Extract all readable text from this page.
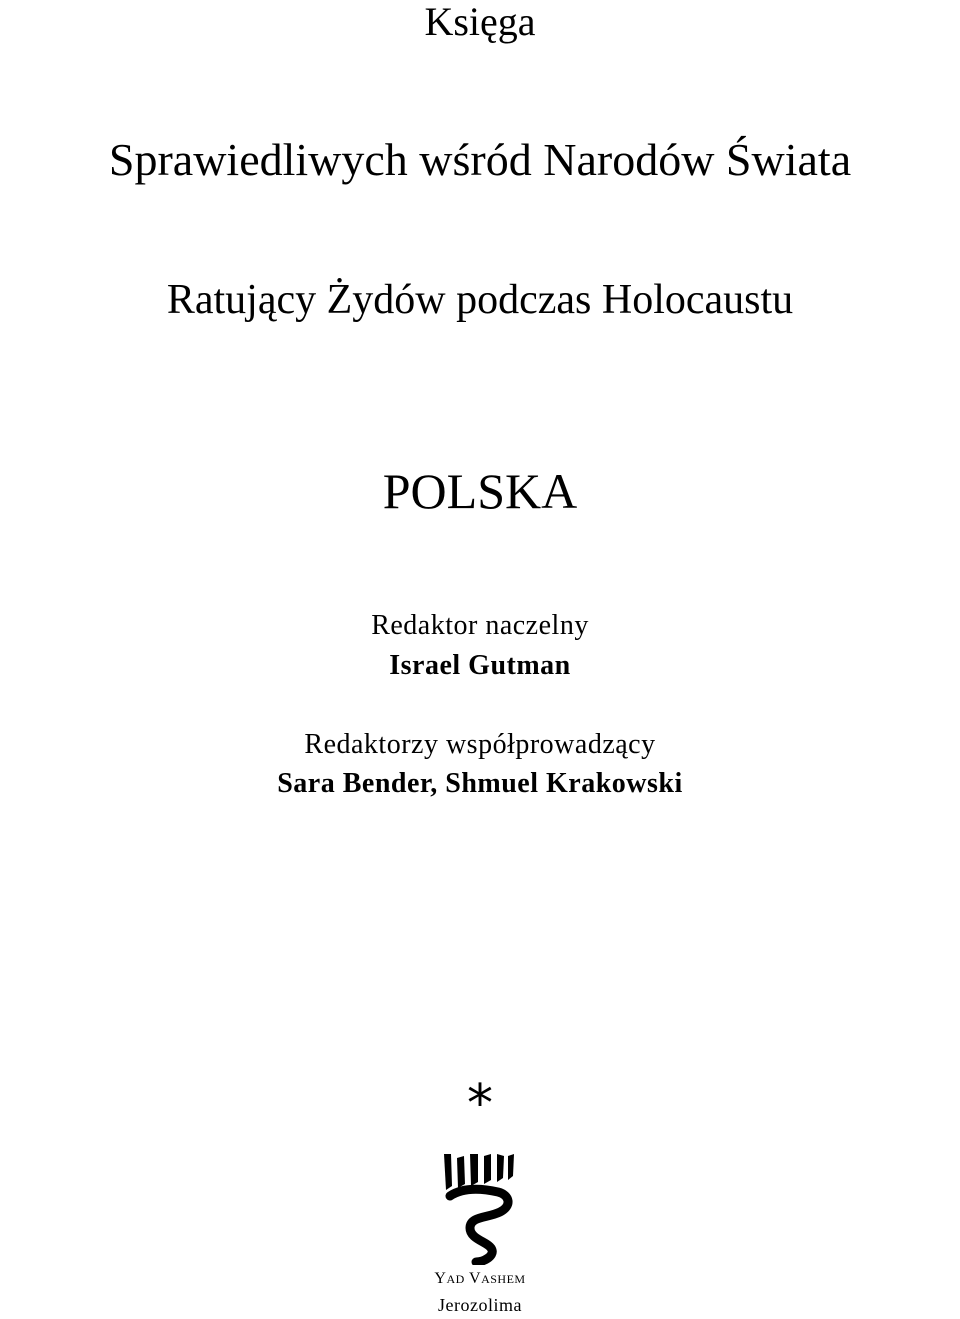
Księga
Sprawiedliwych wśród Narodów Świata
Ratujący Żydów podczas Holocaustu
POLSKA
Redaktor naczelny
Israel Gutman
Redaktorzy współprowadzący
Sara Bender, Shmuel Krakowski
*
YAD VASHEM
Jerozolima
